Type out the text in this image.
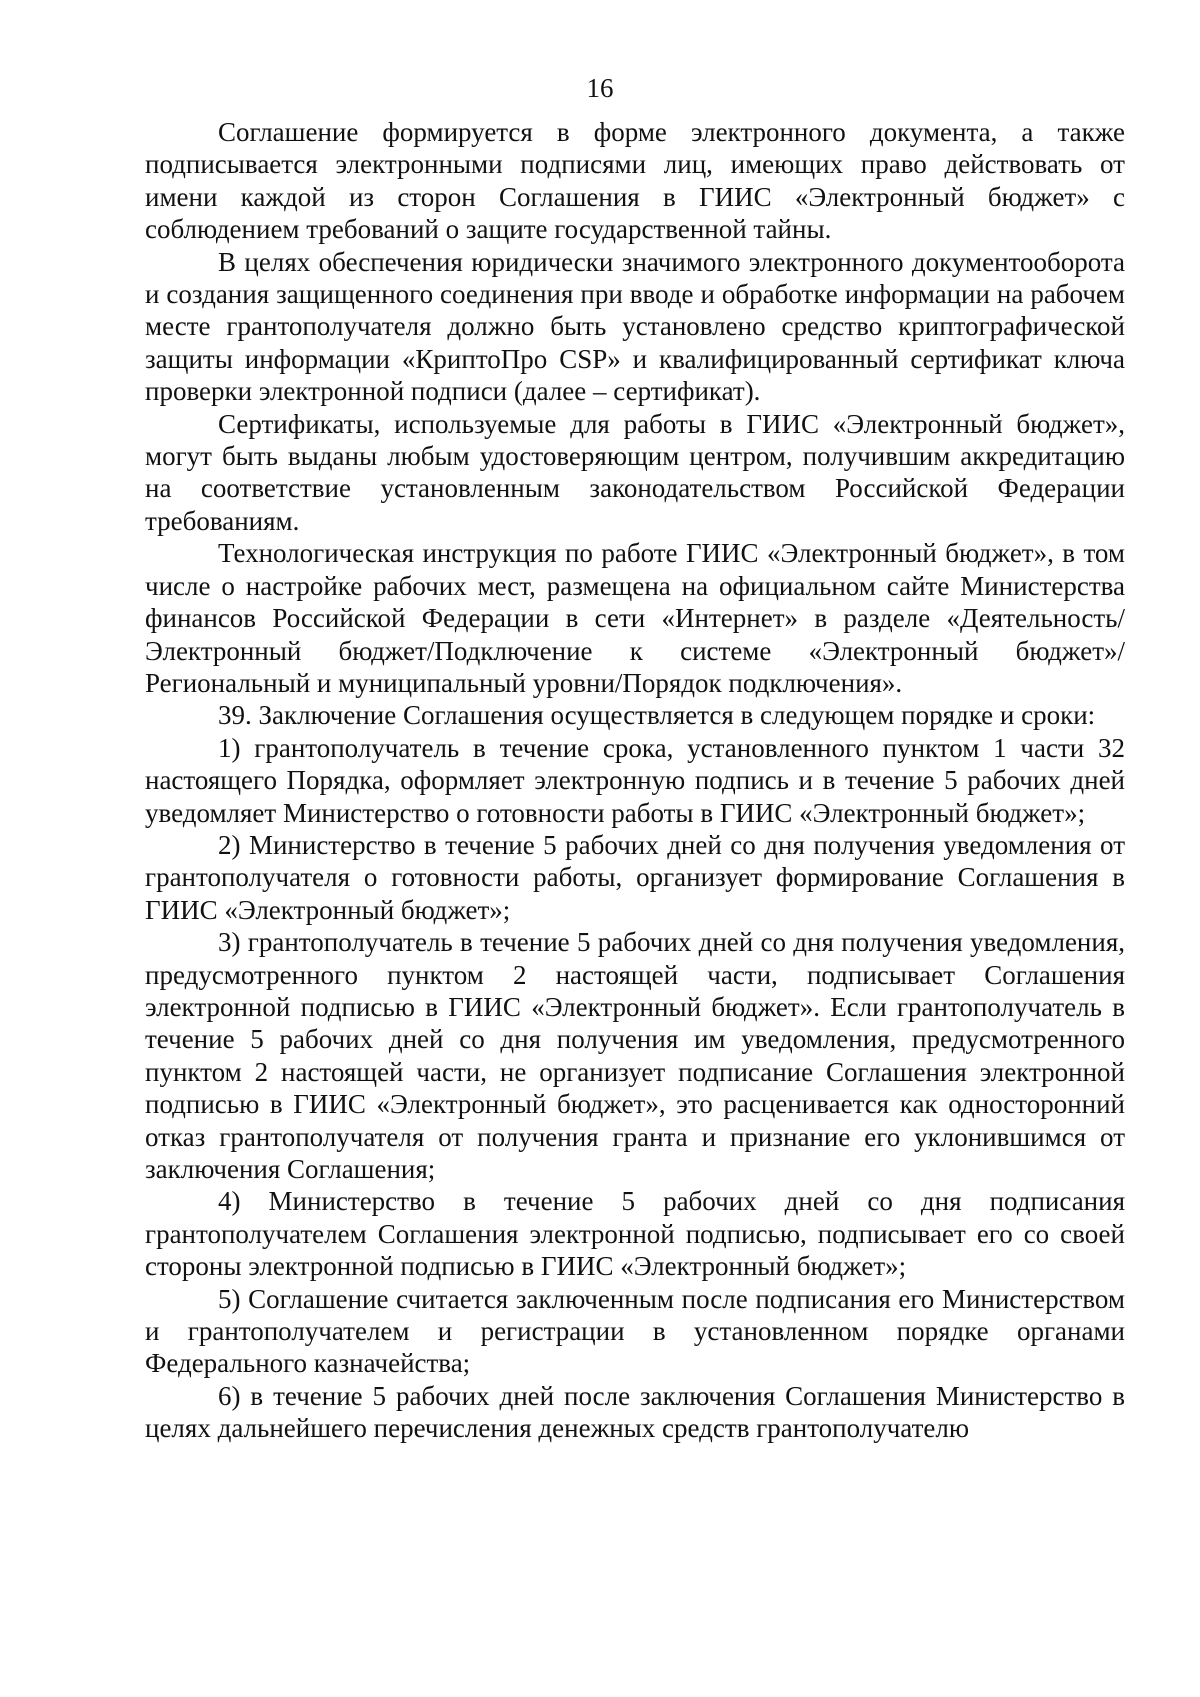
16

Соглашение формируется в форме электронного документа, а также подписывается электронными подписями лиц, имеющих право действовать от имени каждой из сторон Соглашения в ГИИС «Электронный бюджет» с соблюдением требований о защите государственной тайны.

В целях обеспечения юридически значимого электронного документооборота и создания защищенного соединения при вводе и обработке информации на рабочем месте грантополучателя должно быть установлено средство криптографической защиты информации «КриптоПро CSP» и квалифицированный сертификат ключа проверки электронной подписи (далее – сертификат).

Сертификаты, используемые для работы в ГИИС «Электронный бюджет», могут быть выданы любым удостоверяющим центром, получившим аккредитацию на соответствие установленным законодательством Российской Федерации требованиям.

Технологическая инструкция по работе ГИИС «Электронный бюджет», в том числе о настройке рабочих мест, размещена на официальном сайте Министерства финансов Российской Федерации в сети «Интернет» в разделе «Деятельность/Электронный бюджет/Подключение к системе «Электронный бюджет»/Региональный и муниципальный уровни/Порядок подключения».

39. Заключение Соглашения осуществляется в следующем порядке и сроки:

1) грантополучатель в течение срока, установленного пунктом 1 части 32 настоящего Порядка, оформляет электронную подпись и в течение 5 рабочих дней уведомляет Министерство о готовности работы в ГИИС «Электронный бюджет»;

2) Министерство в течение 5 рабочих дней со дня получения уведомления от грантополучателя о готовности работы, организует формирование Соглашения в ГИИС «Электронный бюджет»;

3) грантополучатель в течение 5 рабочих дней со дня получения уведомления, предусмотренного пунктом 2 настоящей части, подписывает Соглашения электронной подписью в ГИИС «Электронный бюджет». Если грантополучатель в течение 5 рабочих дней со дня получения им уведомления, предусмотренного пунктом 2 настоящей части, не организует подписание Соглашения электронной подписью в ГИИС «Электронный бюджет», это расценивается как односторонний отказ грантополучателя от получения гранта и признание его уклонившимся от заключения Соглашения;

4) Министерство в течение 5 рабочих дней со дня подписания грантополучателем Соглашения электронной подписью, подписывает его со своей стороны электронной подписью в ГИИС «Электронный бюджет»;

5) Соглашение считается заключенным после подписания его Министерством и грантополучателем и регистрации в установленном порядке органами Федерального казначейства;

6) в течение 5 рабочих дней после заключения Соглашения Министерство в целях дальнейшего перечисления денежных средств грантополучателю
